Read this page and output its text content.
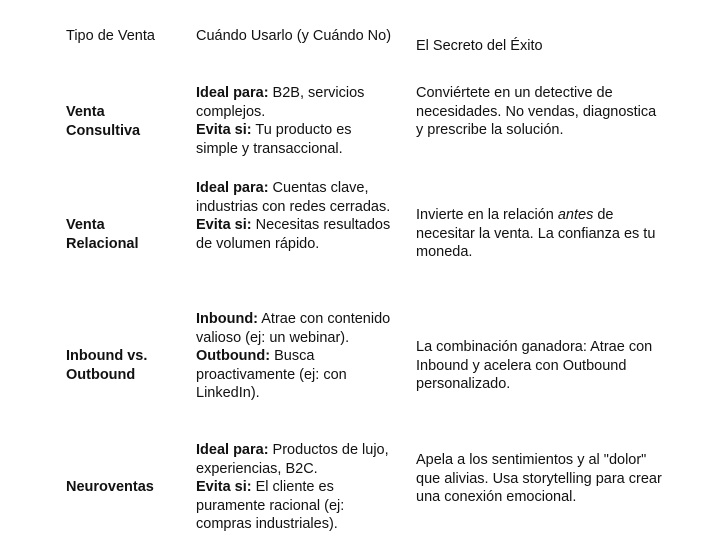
Tipo de Venta	Cuándo Usarlo (y Cuándo No)
El Secreto del Éxito
Venta Consultiva
Ideal para: B2B, servicios complejos.
Evita si: Tu producto es simple y transaccional.
Conviértete en un detective de necesidades. No vendas, diagnostica y prescribe la solución.
Venta Relacional
Ideal para: Cuentas clave, industrias con redes cerradas.
Evita si: Necesitas resultados de volumen rápido.
Invierte en la relación antes de necesitar la venta. La confianza es tu moneda.
Inbound vs. Outbound
Inbound: Atrae con contenido valioso (ej: un webinar).
Outbound: Busca proactivamente (ej: con LinkedIn).
La combinación ganadora: Atrae con Inbound y acelera con Outbound personalizado.
Neuroventas
Ideal para: Productos de lujo, experiencias, B2C.
Evita si: El cliente es puramente racional (ej: compras industriales).
Apela a los sentimientos y al "dolor" que alivias. Usa storytelling para crear una conexión emocional.
